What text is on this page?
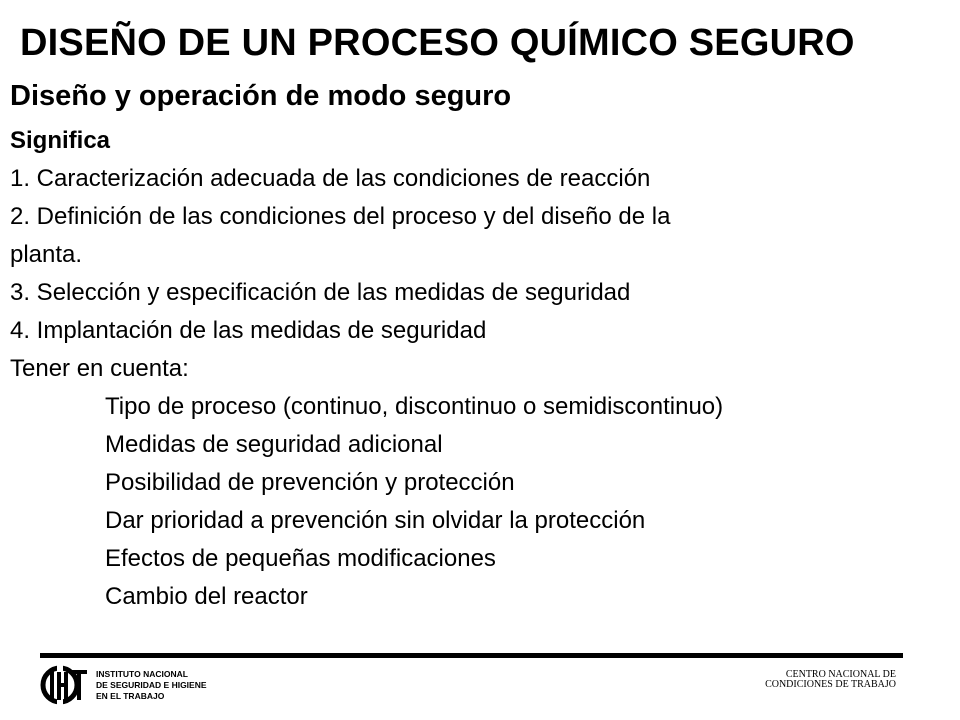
DISEÑO DE UN PROCESO QUÍMICO SEGURO
Diseño y operación de modo seguro
Significa
1. Caracterización adecuada de las condiciones de reacción
2. Definición de las condiciones del proceso y del diseño de la
planta.
3. Selección y especificación de las medidas de seguridad
4. Implantación de las medidas de seguridad
Tener en cuenta:
Tipo de proceso (continuo, discontinuo o semidiscontinuo)
Medidas de seguridad adicional
Posibilidad de prevención y protección
Dar prioridad a prevención sin olvidar la protección
Efectos de pequeñas modificaciones
Cambio del reactor
INSTITUTO NACIONAL
DE SEGURIDAD E HIGIENE
EN EL TRABAJO
CENTRO NACIONAL DE
CONDICIONES DE TRABAJO
